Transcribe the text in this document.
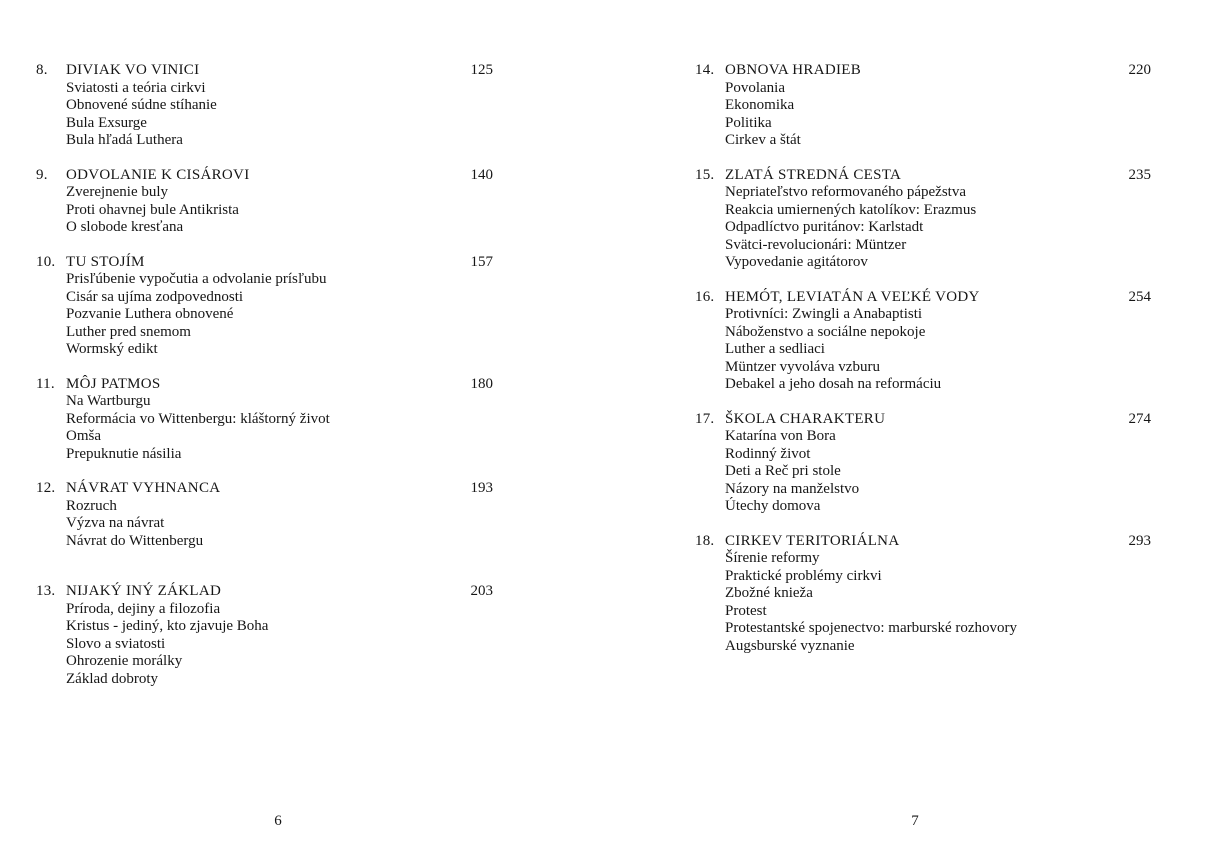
8.	DIVIAK VO VINICI	125
Sviatosti a teória cirkvi
Obnovené súdne stíhanie
Bula Exsurge
Bula hľadá Luthera
9.	ODVOLANIE K CISÁROVI	140
Zverejnenie buly
Proti ohavnej bule Antikrista
O slobode kresťana
10. TU STOJÍM	157
Prisľúbenie vypočutia a odvolanie prísľubu
Cisár sa ujíma zodpovednosti
Pozvanie Luthera obnovené
Luther pred snemom
Wormský edikt
11. MÔJ PATMOS	180
Na Wartburgu
Reformácia vo Wittenbergu: kláštorný život
Omša
Prepuknutie násilia
12. NÁVRAT VYHNANCA	193
Rozruch
Výzva na návrat
Návrat do Wittenbergu
13. NIJAKÝ INÝ ZÁKLAD	203
Príroda, dejiny a filozofia
Kristus - jediný, kto zjavuje Boha
Slovo a sviatosti
Ohrozenie morálky
Základ dobroty
14. OBNOVA HRADIEB	220
Povolania
Ekonomika
Politika
Cirkev a štát
15. ZLATÁ STREDNÁ CESTA	235
Nepriateľstvo reformovaného pápežstva
Reakcia umiernených katolíkov: Erazmus
Odpadlíctvo puritánov: Karlstadt
Svätci-revolucionári: Müntzer
Vypovedanie agitátorov
16. HEMÓT, LEVIATÁN A VEĽKÉ VODY	254
Protivníci: Zwingli a Anabaptisti
Náboženstvo a sociálne nepokoje
Luther a sedliaci
Müntzer vyvoláva vzburu
Debakel a jeho dosah na reformáciu
17. ŠKOLA CHARAKTERU	274
Katarína von Bora
Rodinný život
Deti a Reč pri stole
Názory na manželstvo
Útechy domova
18. CIRKEV TERITORIÁLNA	293
Šírenie reformy
Praktické problémy cirkvi
Zbožné knieža
Protest
Protestantské spojenectvo: marburské rozhovory
Augsburské vyznanie
6	7
